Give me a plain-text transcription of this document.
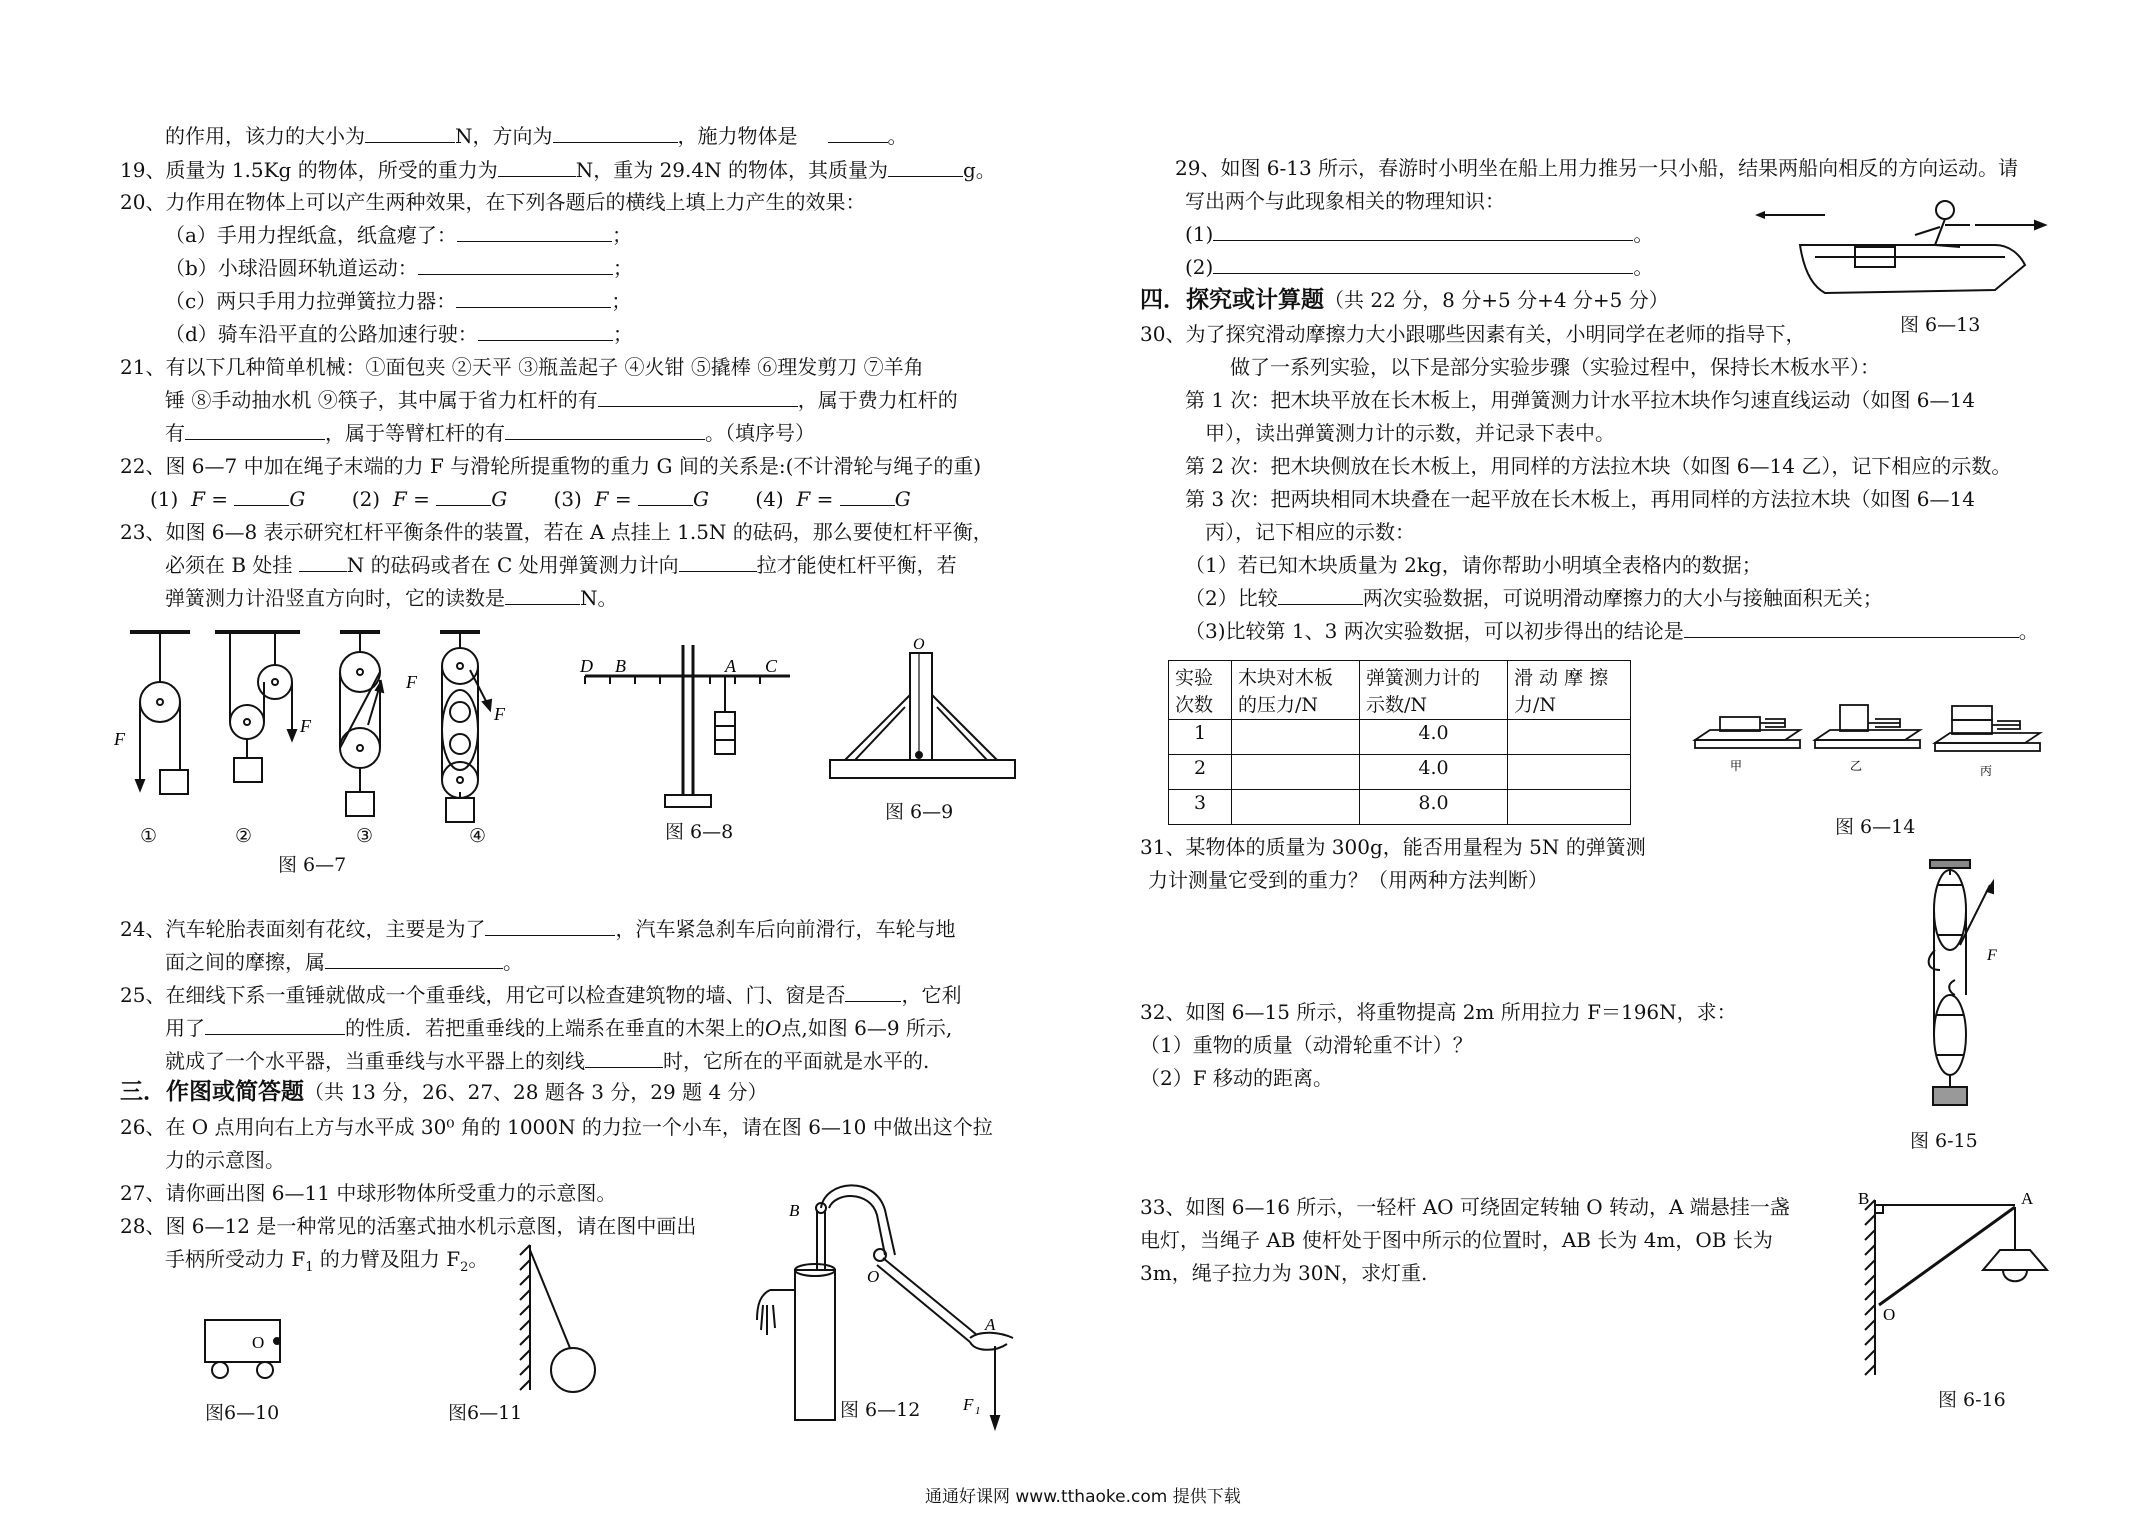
的作用，该力的大小为	N，方向为	，施力物体是	。
19、质量为 1.5Kg 的物体，所受的重力为	N，重为 29.4N 的物体，其质量为	g。
20、力作用在物体上可以产生两种效果，在下列各题后的横线上填上力产生的效果：
（a）手用力捏纸盒，纸盒瘪了：	；
（b）小球沿圆环轨道运动：	；
（c）两只手用力拉弹簧拉力器：	；
（d）骑车沿平直的公路加速行驶：	；
21、有以下几种简单机械：①面包夹 ②天平 ③瓶盖起子 ④火钳 ⑤撬棒 ⑥理发剪刀 ⑦羊角
锤 ⑧手动抽水机 ⑨筷子，其中属于省力杠杆的有	，属于费力杠杆的
有	，属于等臂杠杆的有	。（填序号）
22、图 6—7 中加在绳子末端的力 F 与滑轮所提重物的重力 G 间的关系是:(不计滑轮与绳子的重)
(1) F =	G (2) F =	G (3) F =	G (4) F =	G
23、如图 6—8 表示研究杠杆平衡条件的装置，若在 A 点挂上 1.5N 的砝码，那么要使杠杆平衡，
必须在 B 处挂	N 的砝码或者在 C 处用弹簧测力计向	拉才能使杠杆平衡，若
弹簧测力计沿竖直方向时，它的读数是	N。
F
F
F
F
①	②	③	④
图 6—7
D B	A C
图 6—8
O
图 6—9
24、汽车轮胎表面刻有花纹，主要是为了	，汽车紧急刹车后向前滑行，车轮与地
面之间的摩擦，属	。
25、在细线下系一重锤就做成一个重垂线，用它可以检查建筑物的墙、门、窗是否	，它利
用了	的性质．若把重垂线的上端系在垂直的木架上的O点,如图 6—9 所示,
就成了一个水平器，当重垂线与水平器上的刻线	时，它所在的平面就是水平的.
三．作图或简答题（共 13 分，26、27、28 题各 3 分，29 题 4 分）
26、在 O 点用向右上方与水平成 30⁰ 角的 1000N 的力拉一个小车，请在图 6—10 中做出这个拉
力的示意图。
27、请你画出图 6—11 中球形物体所受重力的示意图。
28、图 6—12 是一种常见的活塞式抽水机示意图，请在图中画出
手柄所受动力 $F_1$ 的力臂及阻力 $F_2$。
O
图6—10	图6—11
B
O
A
F 1
图 6—12
29、如图 6-13 所示，春游时小明坐在船上用力推另一只小船，结果两船向相反的方向运动。请
写出两个与此现象相关的物理知识：
(1)	。
(2)	。
图 6—13
四．探究或计算题（共 22 分，8 分+5 分+4 分+5 分）
30、为了探究滑动摩擦力大小跟哪些因素有关，小明同学在老师的指导下，
做了一系列实验，以下是部分实验步骤（实验过程中，保持长木板水平）：
第 1 次：把木块平放在长木板上，用弹簧测力计水平拉木块作匀速直线运动（如图 6—14
甲），读出弹簧测力计的示数，并记录下表中。
第 2 次：把木块侧放在长木板上，用同样的方法拉木块（如图 6—14 乙），记下相应的示数。
第 3 次：把两块相同木块叠在一起平放在长木板上，再用同样的方法拉木块（如图 6—14
丙），记下相应的示数：
（1）若已知木块质量为 2kg，请你帮助小明填全表格内的数据；
（2）比较	两次实验数据，可说明滑动摩擦力的大小与接触面积无关；
（3)比较第 1、3 两次实验数据，可以初步得出的结论是	。
实验
次数	木块对木板
的压力/N	弹簧测力计的
示数/N	滑 动 摩 擦
力/N
1		4.0	
2		4.0	
3		8.0	
甲	乙	丙
图 6—14
31、某物体的质量为 300g，能否用量程为 5N 的弹簧测
力计测量它受到的重力？（用两种方法判断）
F
32、如图 6—15 所示，将重物提高 2m 所用拉力 F＝196N，求：
（1）重物的质量（动滑轮重不计）？
（2）F 移动的距离。
图 6-15
33、如图 6—16 所示，一轻杆 AO 可绕固定转轴 O 转动，A 端悬挂一盏
电灯，当绳子 AB 使杆处于图中所示的位置时，AB 长为 4m，OB 长为
3m，绳子拉力为 30N，求灯重.
B	A
O
图 6-16
通通好课网 www.tthaoke.com 提供下载
